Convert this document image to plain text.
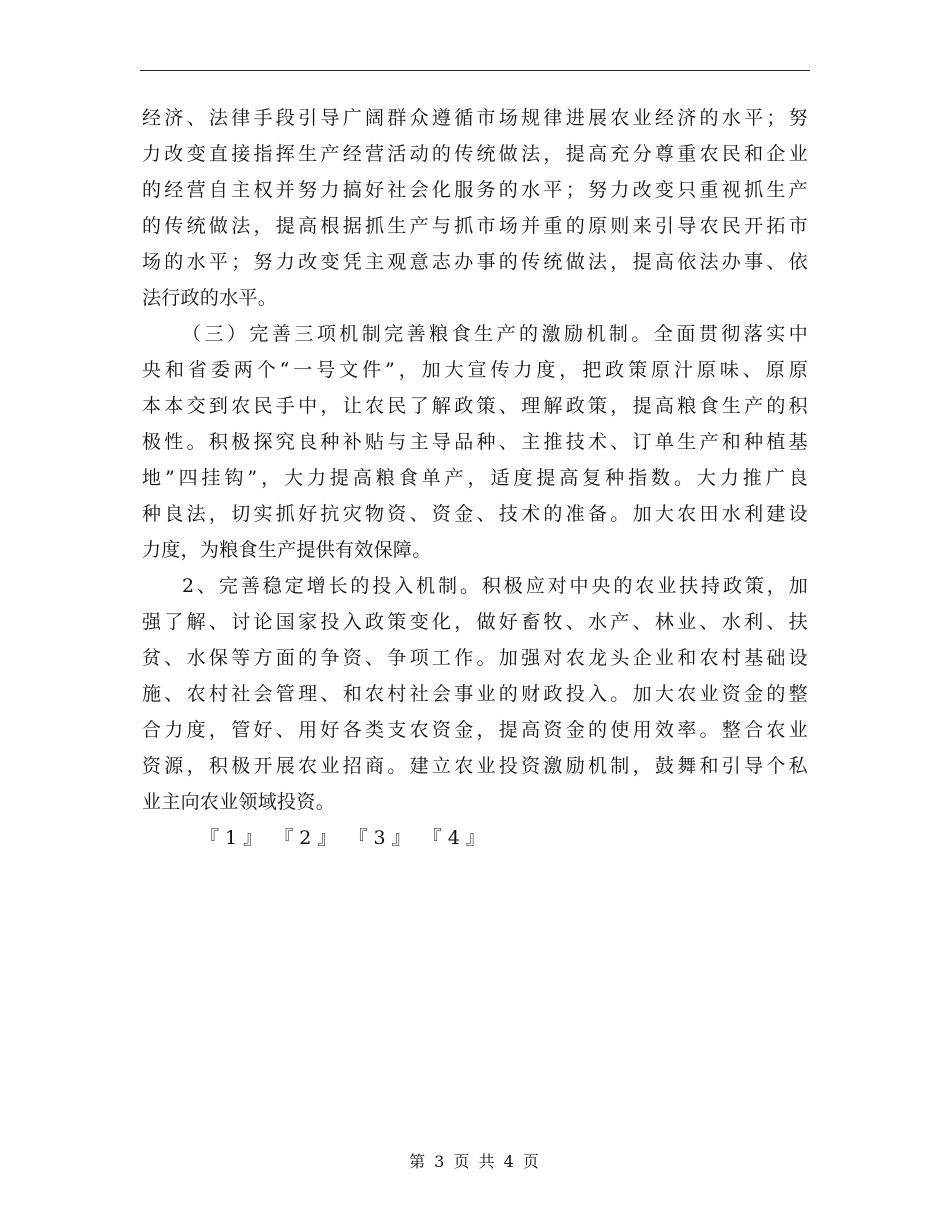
经济、法律手段引导广阔群众遵循市场规律进展农业经济的水平；努
力改变直接指挥生产经营活动的传统做法，提高充分尊重农民和企业
的经营自主权并努力搞好社会化服务的水平；努力改变只重视抓生产
的传统做法，提高根据抓生产与抓市场并重的原则来引导农民开拓市
场的水平；努力改变凭主观意志办事的传统做法，提高依法办事、依
法行政的水平。
（三）完善三项机制完善粮食生产的激励机制。全面贯彻落实中
央和省委两个“一号文件”，加大宣传力度，把政策原汁原味、原原
本本交到农民手中，让农民了解政策、理解政策，提高粮食生产的积
极性。积极探究良种补贴与主导品种、主推技术、订单生产和种植基
地”四挂钩”，大力提高粮食单产，适度提高复种指数。大力推广良
种良法，切实抓好抗灾物资、资金、技术的准备。加大农田水利建设
力度，为粮食生产提供有效保障。
2、完善稳定增长的投入机制。积极应对中央的农业扶持政策，加
强了解、讨论国家投入政策变化，做好畜牧、水产、林业、水利、扶
贫、水保等方面的争资、争项工作。加强对农龙头企业和农村基础设
施、农村社会管理、和农村社会事业的财政投入。加大农业资金的整
合力度，管好、用好各类支农资金，提高资金的使用效率。整合农业
资源，积极开展农业招商。建立农业投资激励机制，鼓舞和引导个私
业主向农业领域投资。
『 1 』 『 2 』 『 3 』 『 4 』
第 3 页 共 4 页
